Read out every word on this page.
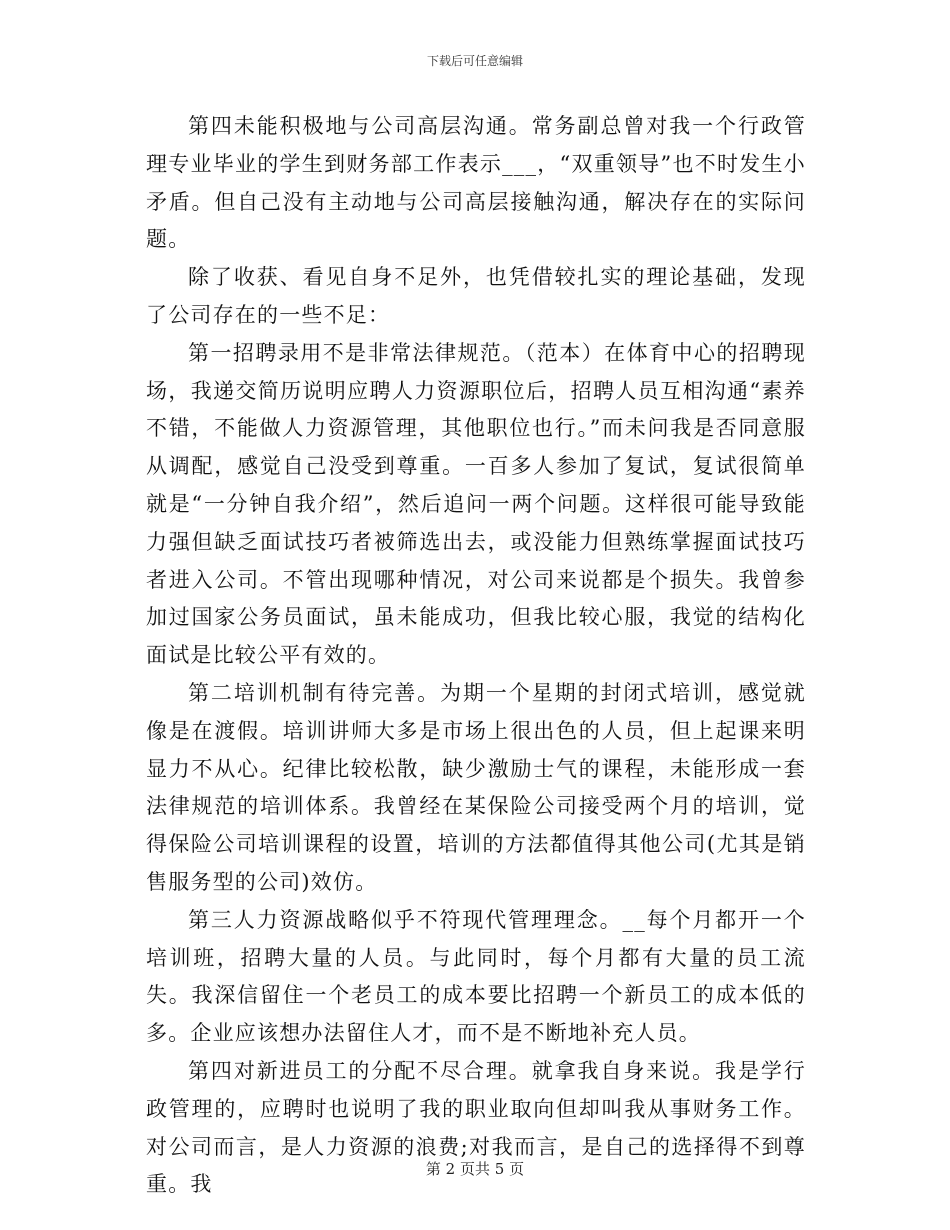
下载后可任意编辑

第四未能积极地与公司高层沟通。常务副总曾对我一个行政管理专业毕业的学生到财务部工作表示___，“双重领导”也不时发生小矛盾。但自己没有主动地与公司高层接触沟通，解决存在的实际问题。

除了收获、看见自身不足外，也凭借较扎实的理论基础，发现了公司存在的一些不足：

第一招聘录用不是非常法律规范。（范本）在体育中心的招聘现场，我递交简历说明应聘人力资源职位后，招聘人员互相沟通“素养不错，不能做人力资源管理，其他职位也行。”而未问我是否同意服从调配，感觉自己没受到尊重。一百多人参加了复试，复试很简单就是“一分钟自我介绍”，然后追问一两个问题。这样很可能导致能力强但缺乏面试技巧者被筛选出去，或没能力但熟练掌握面试技巧者进入公司。不管出现哪种情况，对公司来说都是个损失。我曾参加过国家公务员面试，虽未能成功，但我比较心服，我觉的结构化面试是比较公平有效的。

第二培训机制有待完善。为期一个星期的封闭式培训，感觉就像是在渡假。培训讲师大多是市场上很出色的人员，但上起课来明显力不从心。纪律比较松散，缺少激励士气的课程，未能形成一套法律规范的培训体系。我曾经在某保险公司接受两个月的培训，觉得保险公司培训课程的设置，培训的方法都值得其他公司(尤其是销售服务型的公司)效仿。

第三人力资源战略似乎不符现代管理理念。__每个月都开一个培训班，招聘大量的人员。与此同时，每个月都有大量的员工流失。我深信留住一个老员工的成本要比招聘一个新员工的成本低的多。企业应该想办法留住人才，而不是不断地补充人员。

第四对新进员工的分配不尽合理。就拿我自身来说。我是学行政管理的，应聘时也说明了我的职业取向但却叫我从事财务工作。对公司而言，是人力资源的浪费;对我而言，是自己的选择得不到尊重。我

第 2 页共 5 页
